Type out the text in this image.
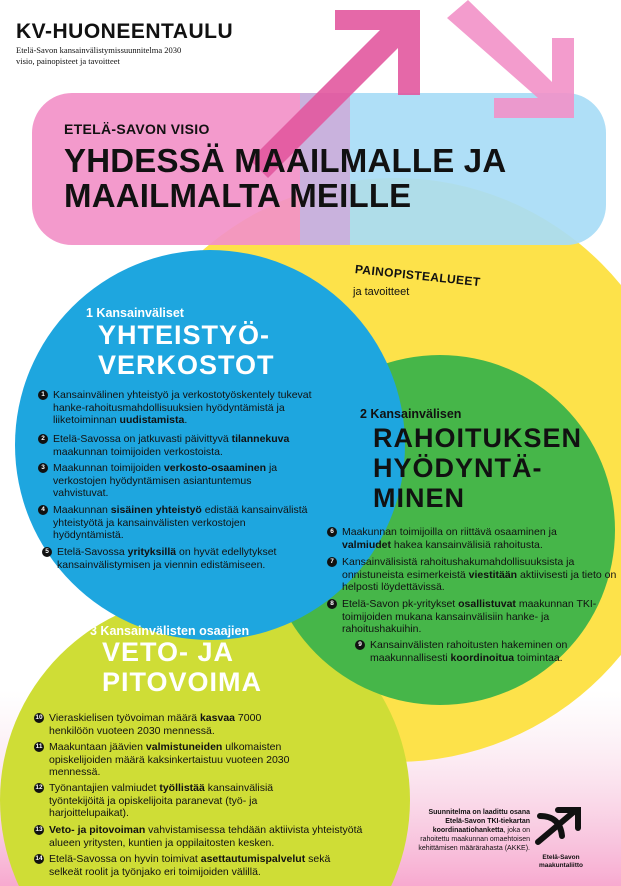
KV-HUONEENTAULU
Etelä-Savon kansainvälistymissuunnitelma 2030
visio, painopisteet ja tavoitteet
ETELÄ-SAVON VISIO
YHDESSÄ MAAILMALLE JA MAAILMALTA MEILLE
PAINOPISTEALUEET
ja tavoitteet
1 Kansainväliset
YHTEISTYÖ-
VERKOSTOT
2 Kansainvälisen
RAHOITUKSEN
HYÖDYNTÄ-
MINEN
3 Kansainvälisten osaajien
VETO- JA
PITOVOIMA
1 Kansainvälinen yhteistyö ja verkostotyöskentely tukevat hanke-rahoitusmahdollisuuksien hyödyntämistä ja liiketoiminnan uudistamista.
2 Etelä-Savossa on jatkuvasti päivittyvä tilannekuva maakunnan toimijoiden verkostoista.
3 Maakunnan toimijoiden verkosto-osaaminen ja verkostojen hyödyntämisen asiantuntemus vahvistuvat.
4 Maakunnan sisäinen yhteistyö edistää kansainvälistä yhteistyötä ja kansainvälisten verkostojen hyödyntämistä.
5 Etelä-Savossa yrityksillä on hyvät edellytykset kansainvälistymisen ja viennin edistämiseen.
6 Maakunnan toimijoilla on riittävä osaaminen ja valmiudet hakea kansainvälisiä rahoitusta.
7 Kansainvälisistä rahoitushakumahdollisuuksista ja onnistuneista esimerkeistä viestitään aktiivisesti ja tieto on helposti löydettävissä.
8 Etelä-Savon pk-yritykset osallistuvat maakunnan TKI-toimijoiden mukana kansainvälisiin hanke- ja rahoitushakuihin.
9 Kansainvälisten rahoitusten hakeminen on maakunnallisesti koordinoitua toimintaa.
10 Vieraskielisen työvoiman määrä kasvaa 7000 henkilöön vuoteen 2030 mennessä.
11 Maakuntaan jäävien valmistuneiden ulkomaisten opiskelijoiden määrä kaksinkertaistuu vuoteen 2030 mennessä.
12 Työnantajien valmiudet työllistää kansainvälisiä työntekijöitä ja opiskelijoita paranevat (työ- ja harjoittelupaikat).
13 Veto- ja pitovoiman vahvistamisessa tehdään aktiivista yhteistyötä alueen yritysten, kuntien ja oppilaitosten kesken.
14 Etelä-Savossa on hyvin toimivat asettautumispalvelut sekä selkeät roolit ja työnjako eri toimijoiden välillä.
Suunnitelma on laadittu osana Etelä-Savon TKI-tiekartan koordinaatiohanketta, joka on rahoitettu maakunnan omaehtoisen kehittämisen määrärahasta (AKKE).
Etelä-Savon
maakuntaliitto
